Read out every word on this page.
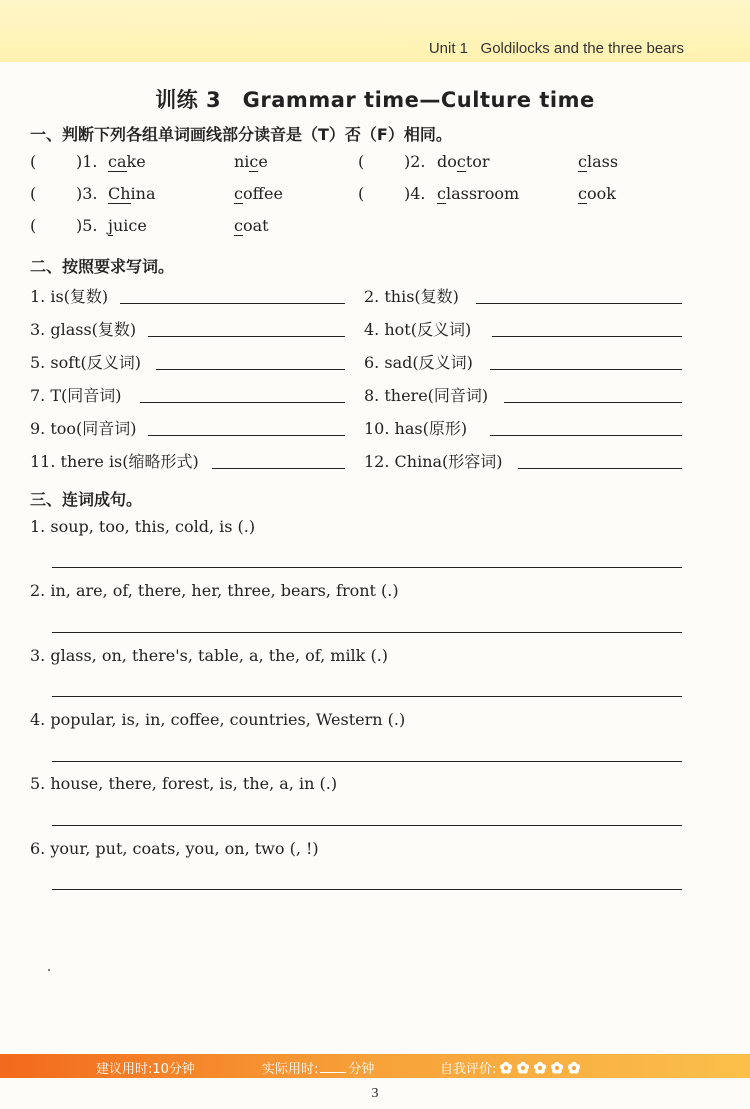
Unit 1 Goldilocks and the three bears
训练 3　Grammar time—Culture time
一、判断下列各组单词画线部分读音是（T）否（F）相同。
( )1. cake	nice	( )2. doctor	class
( )3. China	coffee	( )4. classroom	cook
( )5. juice	coat
二、按照要求写词。
1. is(复数)	2. this(复数)
3. glass(复数)	4. hot(反义词)
5. soft(反义词)	6. sad(反义词)
7. T(同音词)	8. there(同音词)
9. too(同音词)	10. has(原形)
11. there is(缩略形式)	12. China(形容词)
三、连词成句。
1. soup, too, this, cold, is (.)
2. in, are, of, there, her, three, bears, front (.)
3. glass, on, there's, table, a, the, of, milk (.)
4. popular, is, in, coffee, countries, Western (.)
5. house, there, forest, is, the, a, in (.)
6. your, put, coats, you, on, two (, !)
建议用时:10分钟	实际用时: 分钟	自我评价:
3
